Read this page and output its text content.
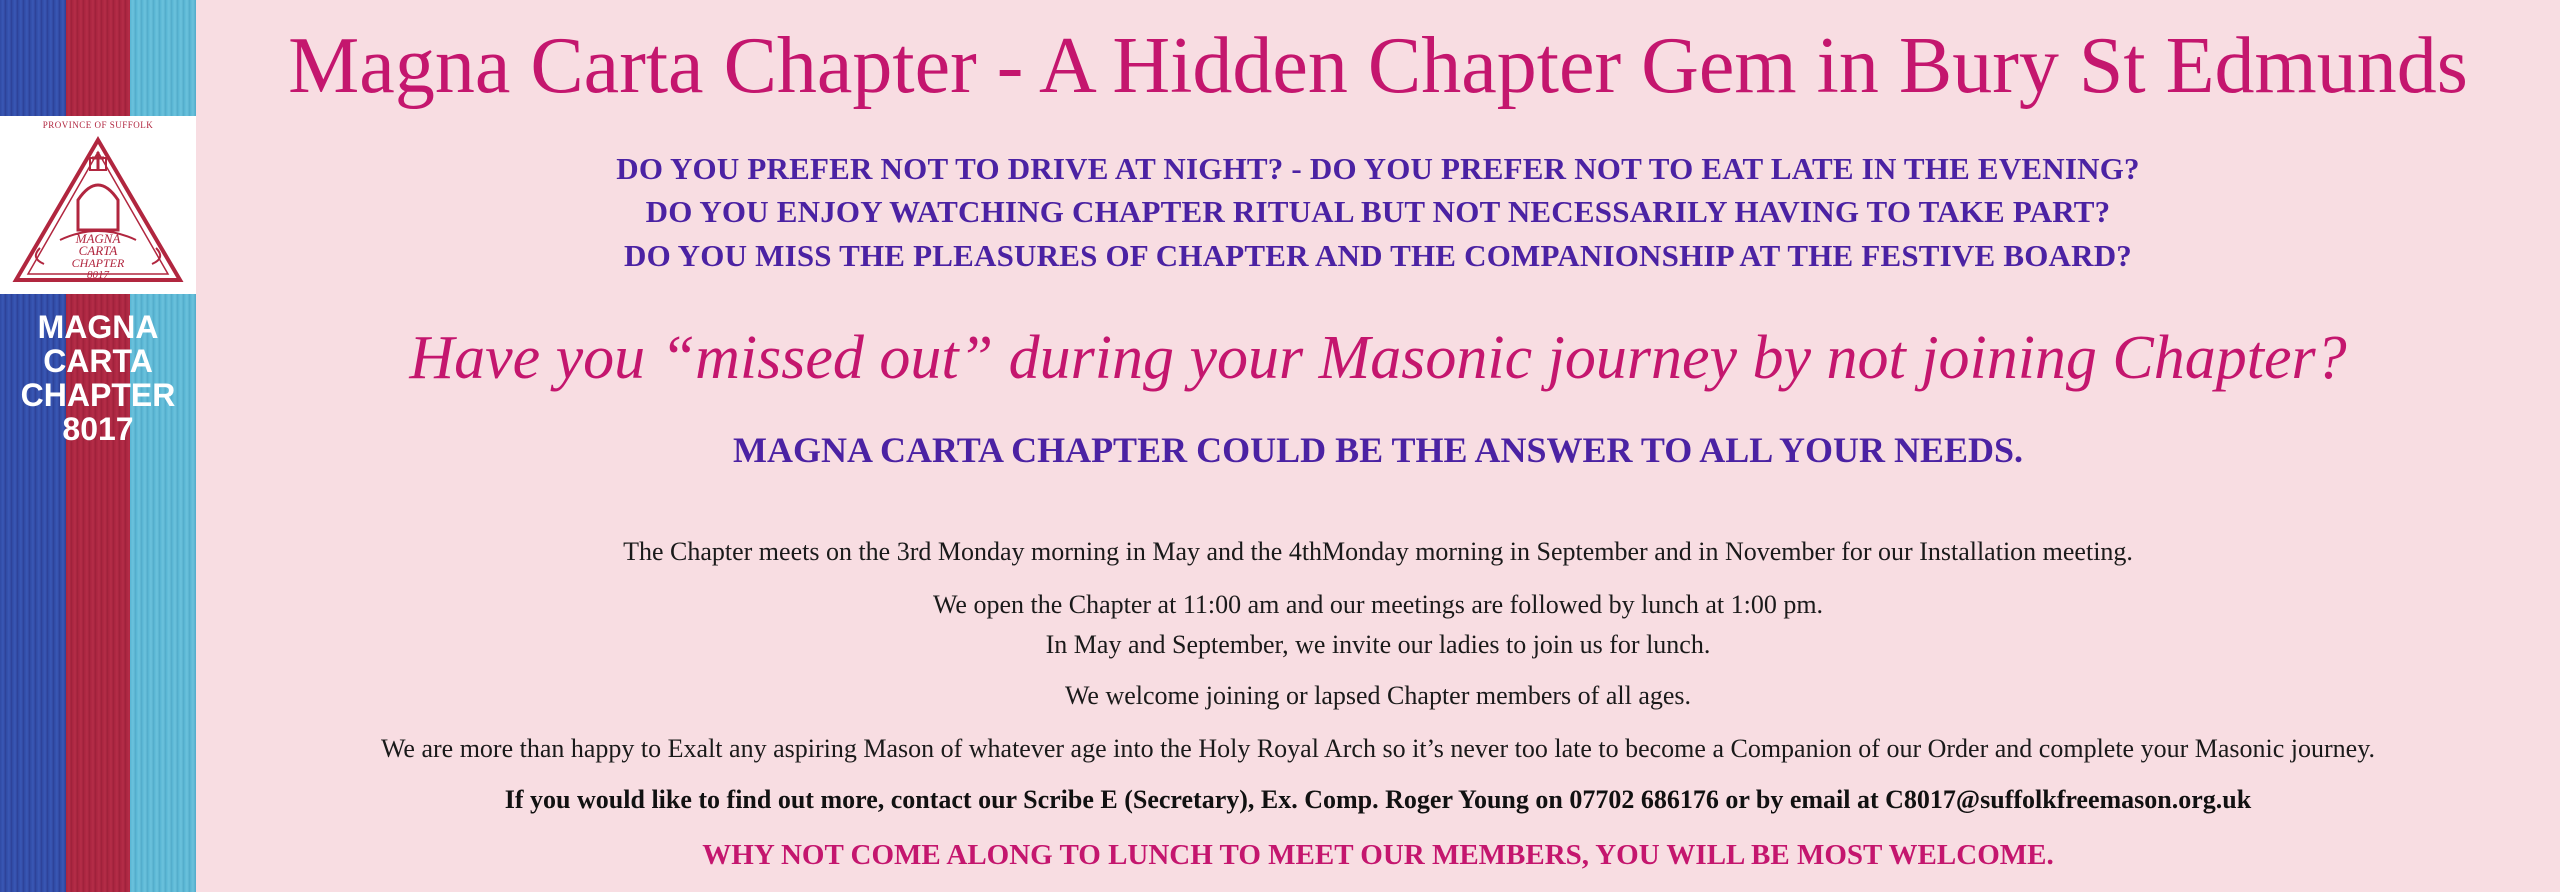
PROVINCE OF SUFFOLK
MAGNA
CARTA
CHAPTER
8017
MAGNA
CARTA
CHAPTER
8017
Magna Carta Chapter - A Hidden Chapter Gem in Bury St Edmunds
DO YOU PREFER NOT TO DRIVE AT NIGHT? - DO YOU PREFER NOT TO EAT LATE IN THE EVENING?
DO YOU ENJOY WATCHING CHAPTER RITUAL BUT NOT NECESSARILY HAVING TO TAKE PART?
DO YOU MISS THE PLEASURES OF CHAPTER AND THE COMPANIONSHIP AT THE FESTIVE BOARD?
Have you “missed out” during your Masonic journey by not joining Chapter?
MAGNA CARTA CHAPTER COULD BE THE ANSWER TO ALL YOUR NEEDS.
The Chapter meets on the 3rd Monday morning in May and the 4thMonday morning in September and in November for our Installation meeting.
We open the Chapter at 11:00 am and our meetings are followed by lunch at 1:00 pm.
In May and September, we invite our ladies to join us for lunch.
We welcome joining or lapsed Chapter members of all ages.
We are more than happy to Exalt any aspiring Mason of whatever age into the Holy Royal Arch so it’s never too late to become a Companion of our Order and complete your Masonic journey.
If you would like to find out more, contact our Scribe E (Secretary), Ex. Comp. Roger Young on 07702 686176 or by email at C8017@suffolkfreemason.org.uk
WHY NOT COME ALONG TO LUNCH TO MEET OUR MEMBERS, YOU WILL BE MOST WELCOME.
